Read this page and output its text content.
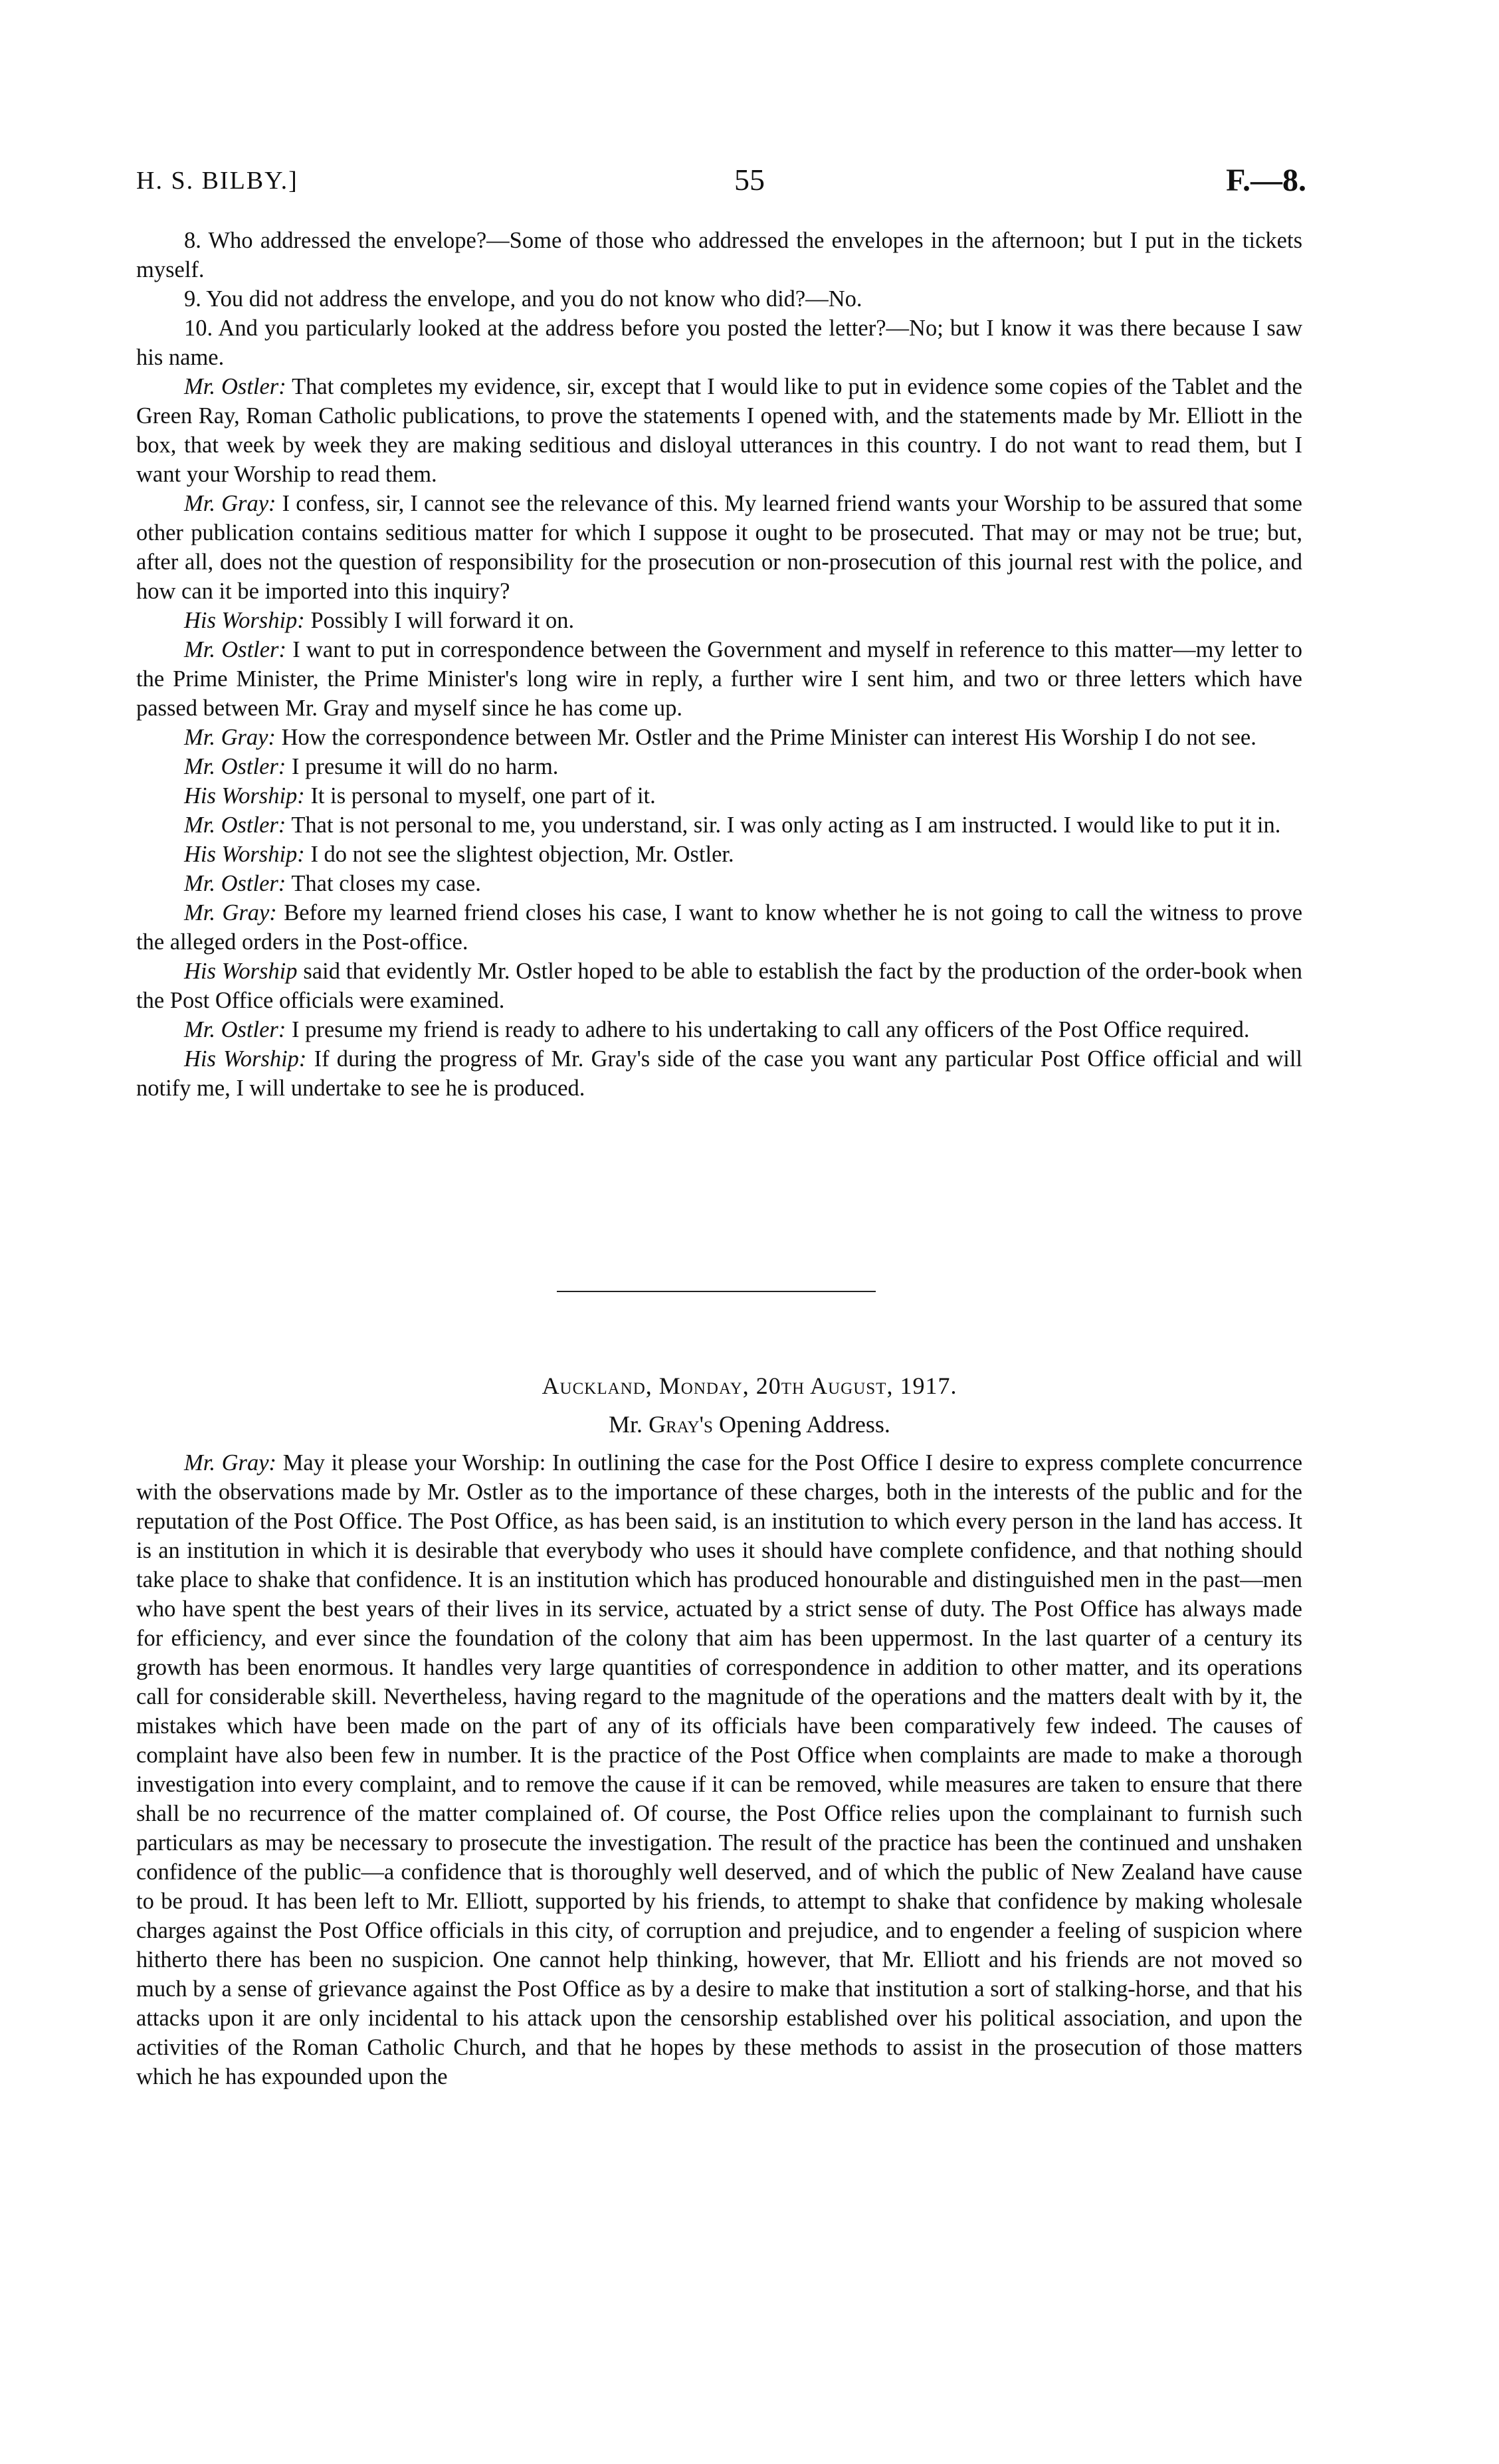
H. S. BILBY.]	55	F.—8.

8. Who addressed the envelope?—Some of those who addressed the envelopes in the afternoon; but I put in the tickets myself.

9. You did not address the envelope, and you do not know who did?—No.

10. And you particularly looked at the address before you posted the letter?—No; but I know it was there because I saw his name.

Mr. Ostler: That completes my evidence, sir, except that I would like to put in evidence some copies of the Tablet and the Green Ray, Roman Catholic publications, to prove the statements I opened with, and the statements made by Mr. Elliott in the box, that week by week they are making seditious and disloyal utterances in this country. I do not want to read them, but I want your Worship to read them.

Mr. Gray: I confess, sir, I cannot see the relevance of this. My learned friend wants your Worship to be assured that some other publication contains seditious matter for which I suppose it ought to be prosecuted. That may or may not be true; but, after all, does not the question of responsibility for the prosecution or non-prosecution of this journal rest with the police, and how can it be imported into this inquiry?

His Worship: Possibly I will forward it on.

Mr. Ostler: I want to put in correspondence between the Government and myself in reference to this matter—my letter to the Prime Minister, the Prime Minister's long wire in reply, a further wire I sent him, and two or three letters which have passed between Mr. Gray and myself since he has come up.

Mr. Gray: How the correspondence between Mr. Ostler and the Prime Minister can interest His Worship I do not see.

Mr. Ostler: I presume it will do no harm.

His Worship: It is personal to myself, one part of it.

Mr. Ostler: That is not personal to me, you understand, sir. I was only acting as I am instructed. I would like to put it in.

His Worship: I do not see the slightest objection, Mr. Ostler.

Mr. Ostler: That closes my case.

Mr. Gray: Before my learned friend closes his case, I want to know whether he is not going to call the witness to prove the alleged orders in the Post-office.

His Worship said that evidently Mr. Ostler hoped to be able to establish the fact by the production of the order-book when the Post Office officials were examined.

Mr. Ostler: I presume my friend is ready to adhere to his undertaking to call any officers of the Post Office required.

His Worship: If during the progress of Mr. Gray's side of the case you want any particular Post Office official and will notify me, I will undertake to see he is produced.

Auckland, Monday, 20th August, 1917.
Mr. Gray's Opening Address.

Mr. Gray: May it please your Worship: In outlining the case for the Post Office I desire to express complete concurrence with the observations made by Mr. Ostler as to the importance of these charges, both in the interests of the public and for the reputation of the Post Office. The Post Office, as has been said, is an institution to which every person in the land has access. It is an institution in which it is desirable that everybody who uses it should have complete confidence, and that nothing should take place to shake that confidence. It is an institution which has produced honourable and distinguished men in the past—men who have spent the best years of their lives in its service, actuated by a strict sense of duty. The Post Office has always made for efficiency, and ever since the foundation of the colony that aim has been uppermost. In the last quarter of a century its growth has been enormous. It handles very large quantities of correspondence in addition to other matter, and its operations call for considerable skill. Nevertheless, having regard to the magnitude of the operations and the matters dealt with by it, the mistakes which have been made on the part of any of its officials have been comparatively few indeed. The causes of complaint have also been few in number. It is the practice of the Post Office when complaints are made to make a thorough investigation into every complaint, and to remove the cause if it can be removed, while measures are taken to ensure that there shall be no recurrence of the matter complained of. Of course, the Post Office relies upon the complainant to furnish such particulars as may be necessary to prosecute the investigation. The result of the practice has been the continued and unshaken confidence of the public—a confidence that is thoroughly well deserved, and of which the public of New Zealand have cause to be proud. It has been left to Mr. Elliott, supported by his friends, to attempt to shake that confidence by making wholesale charges against the Post Office officials in this city, of corruption and prejudice, and to engender a feeling of suspicion where hitherto there has been no suspicion. One cannot help thinking, however, that Mr. Elliott and his friends are not moved so much by a sense of grievance against the Post Office as by a desire to make that institution a sort of stalking-horse, and that his attacks upon it are only incidental to his attack upon the censorship established over his political association, and upon the activities of the Roman Catholic Church, and that he hopes by these methods to assist in the prosecution of those matters which he has expounded upon the
